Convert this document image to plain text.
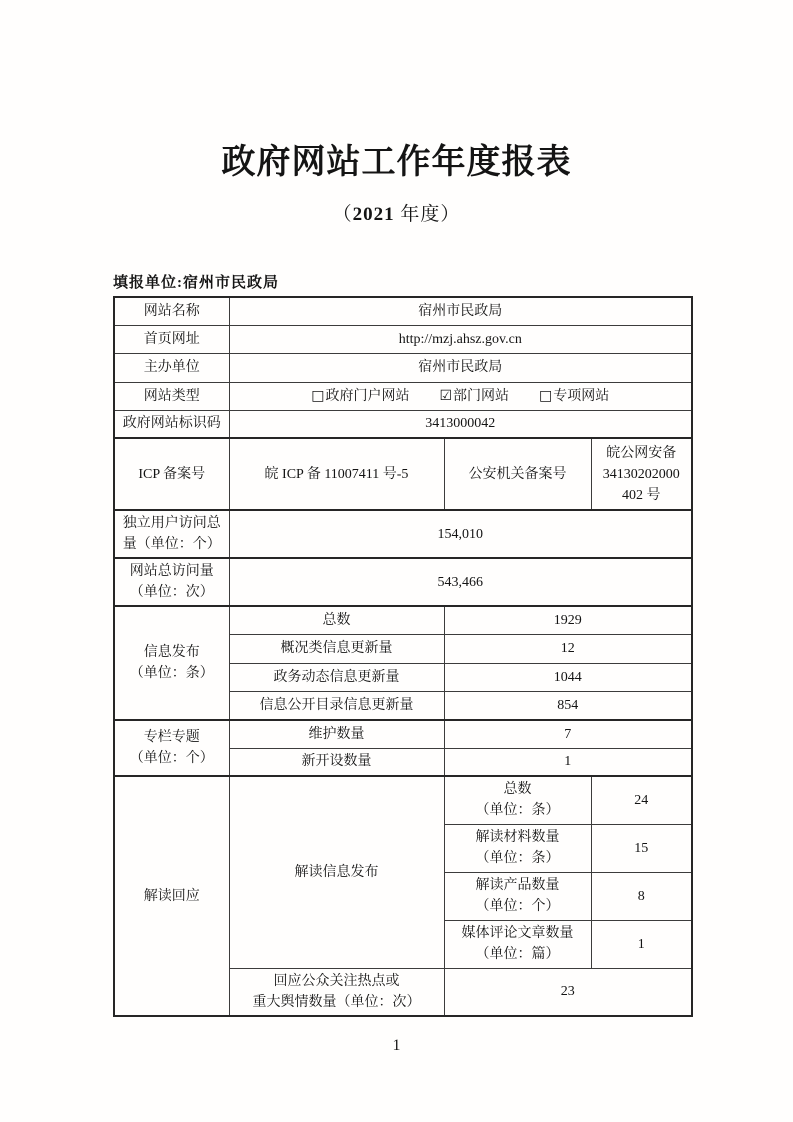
政府网站工作年度报表
（2021 年度）
填报单位:宿州市民政局
网站名称	宿州市民政局		
首页网址	http://mzj.ahsz.gov.cn		
主办单位	宿州市民政局		
网站类型	□ 政府门户网站 ☑ 部门网站 □ 专项网站

政府网站标识码	3413000042		
ICP 备案号	皖 ICP 备 11007411 号-5	公安机关备案号	皖公网安备 34130202000 402 号

独立用户访问总
量（单位：个）	154,010		

网站总访问量
（单位：次）	543,466		

信息发布
（单位：条）	总数	1929	
	概况类信息更新量	12	
	政务动态信息更新量	1044	
	信息公开目录信息更新量	854	

专栏专题
（单位：个）	维护数量	7	
	新开设数量	1	
解读回应	解读信息发布	总数
（单位：条）	24

		解读材料数量
（单位：条）	15

		解读产品数量
（单位：个）	8

		媒体评论文章数量
（单位：篇）	1

	回应公众关注热点或
重大舆情数量（单位：次）	23	
1
